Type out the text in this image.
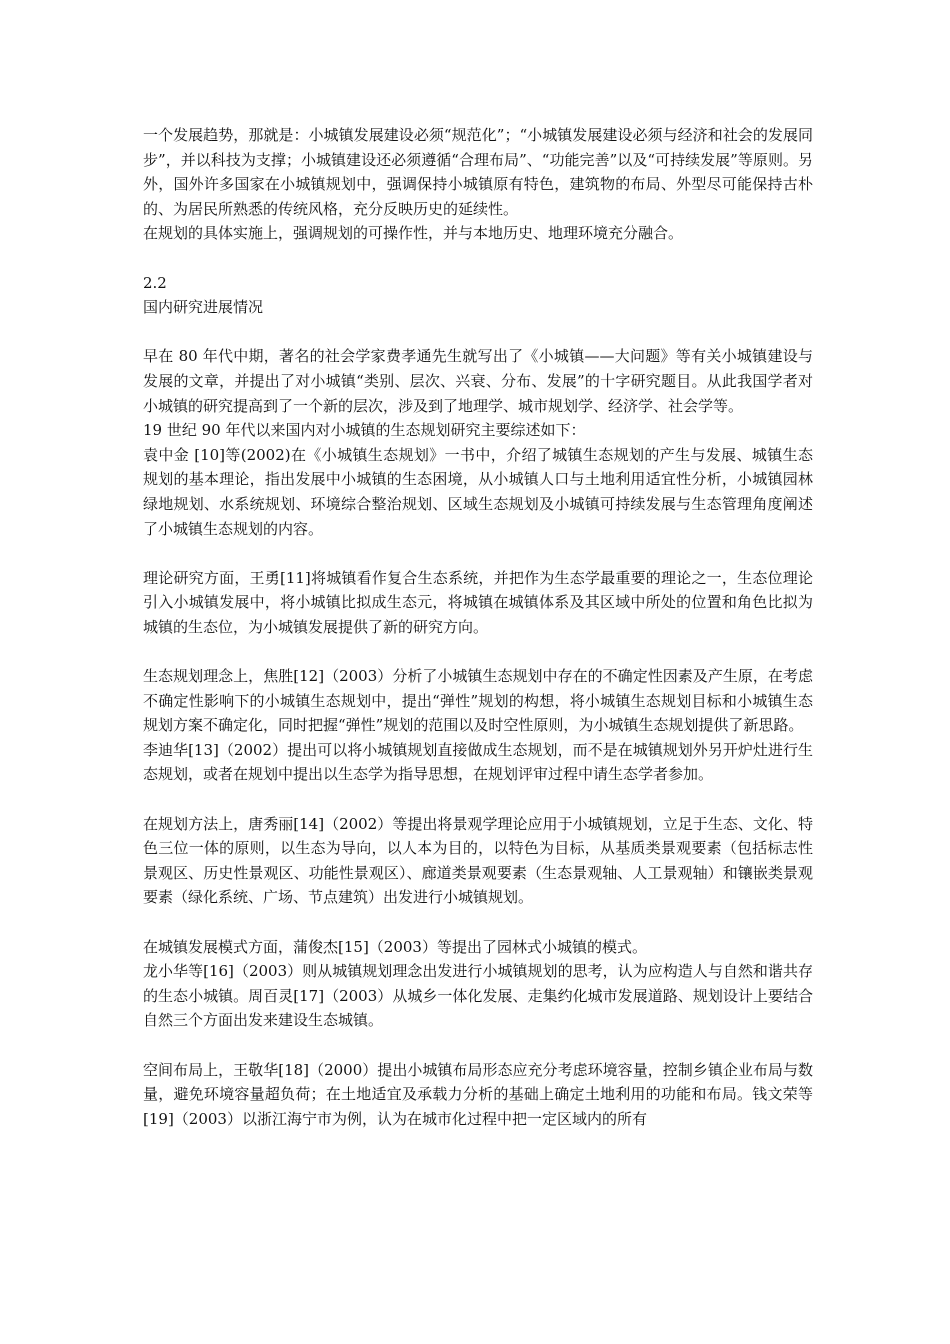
一个发展趋势，那就是：小城镇发展建设必须“规范化”；“小城镇发展建设必须与经济和社会的发展同步”，并以科技为支撑；小城镇建设还必须遵循“合理布局”、“功能完善”以及“可持续发展”等原则。另外，国外许多国家在小城镇规划中，强调保持小城镇原有特色，建筑物的布局、外型尽可能保持古朴的、为居民所熟悉的传统风格，充分反映历史的延续性。

在规划的具体实施上，强调规划的可操作性，并与本地历史、地理环境充分融合。

2.2

国内研究进展情况

早在 80 年代中期，著名的社会学家费孝通先生就写出了《小城镇——大问题》等有关小城镇建设与发展的文章，并提出了对小城镇“类别、层次、兴衰、分布、发展”的十字研究题目。从此我国学者对小城镇的研究提高到了一个新的层次，涉及到了地理学、城市规划学、经济学、社会学等。

19 世纪 90 年代以来国内对小城镇的生态规划研究主要综述如下：

袁中金 [10]等(2002)在《小城镇生态规划》一书中，介绍了城镇生态规划的产生与发展、城镇生态规划的基本理论，指出发展中小城镇的生态困境，从小城镇人口与土地利用适宜性分析，小城镇园林绿地规划、水系统规划、环境综合整治规划、区域生态规划及小城镇可持续发展与生态管理角度阐述了小城镇生态规划的内容。

理论研究方面，王勇[11]将城镇看作复合生态系统，并把作为生态学最重要的理论之一，生态位理论引入小城镇发展中，将小城镇比拟成生态元，将城镇在城镇体系及其区域中所处的位置和角色比拟为城镇的生态位，为小城镇发展提供了新的研究方向。

生态规划理念上，焦胜[12]（2003）分析了小城镇生态规划中存在的不确定性因素及产生原，在考虑不确定性影响下的小城镇生态规划中，提出“弹性”规划的构想，将小城镇生态规划目标和小城镇生态规划方案不确定化，同时把握“弹性”规划的范围以及时空性原则，为小城镇生态规划提供了新思路。

李迪华[13]（2002）提出可以将小城镇规划直接做成生态规划，而不是在城镇规划外另开炉灶进行生态规划，或者在规划中提出以生态学为指导思想，在规划评审过程中请生态学者参加。

在规划方法上，唐秀丽[14]（2002）等提出将景观学理论应用于小城镇规划，立足于生态、文化、特色三位一体的原则，以生态为导向，以人本为目的，以特色为目标，从基质类景观要素（包括标志性景观区、历史性景观区、功能性景观区）、廊道类景观要素（生态景观轴、人工景观轴）和镶嵌类景观要素（绿化系统、广场、节点建筑）出发进行小城镇规划。

在城镇发展模式方面，蒲俊杰[15]（2003）等提出了园林式小城镇的模式。

龙小华等[16]（2003）则从城镇规划理念出发进行小城镇规划的思考，认为应构造人与自然和谐共存的生态小城镇。周百灵[17]（2003）从城乡一体化发展、走集约化城市发展道路、规划设计上要结合自然三个方面出发来建设生态城镇。

空间布局上，王敬华[18]（2000）提出小城镇布局形态应充分考虑环境容量，控制乡镇企业布局与数量，避免环境容量超负荷；在土地适宜及承载力分析的基础上确定土地利用的功能和布局。钱文荣等[19]（2003）以浙江海宁市为例，认为在城市化过程中把一定区域内的所有
